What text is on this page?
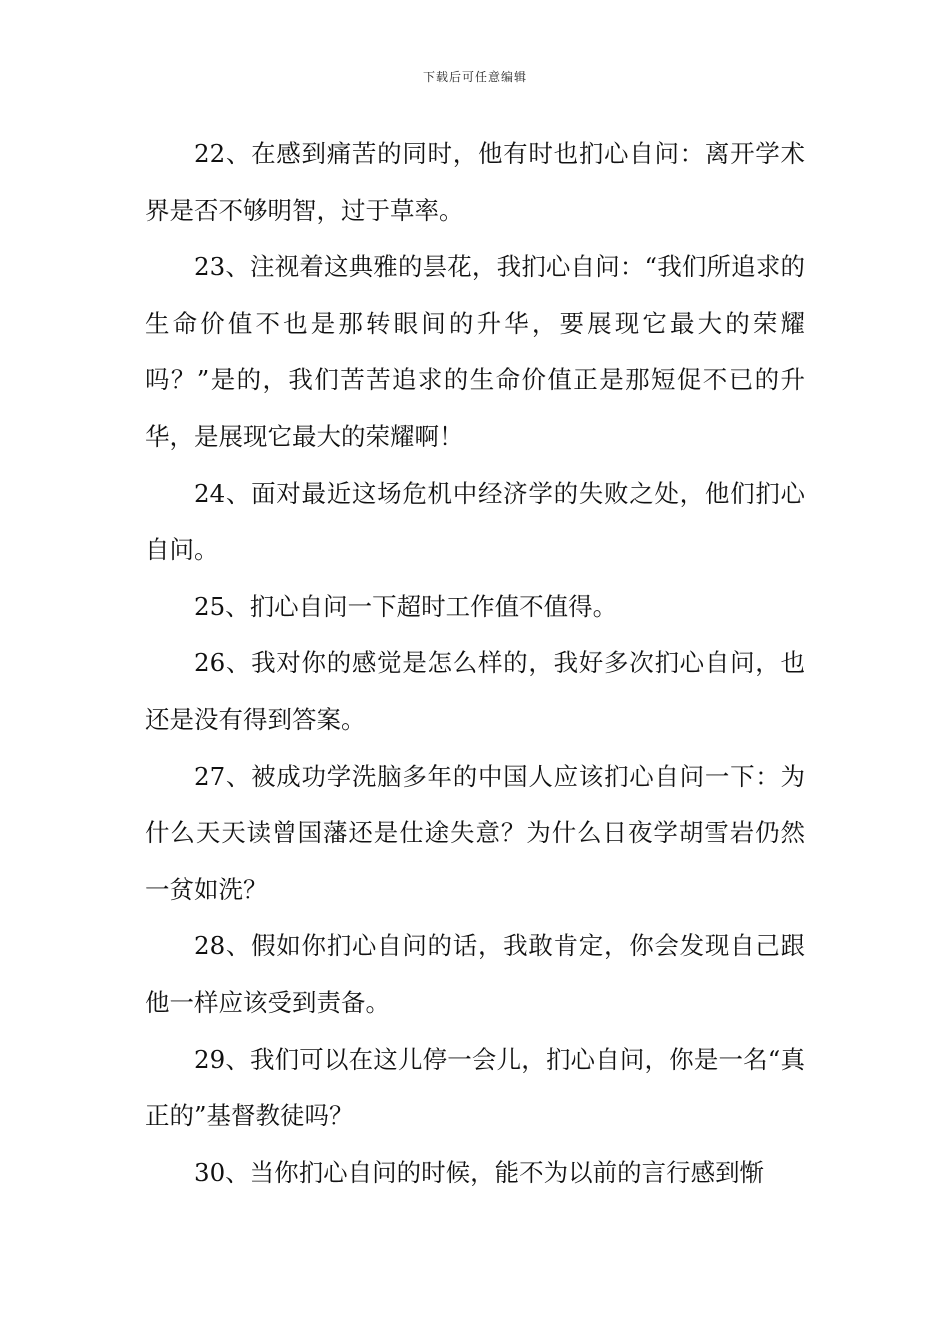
下载后可任意编辑

22、在感到痛苦的同时，他有时也扪心自问：离开学术界是否不够明智，过于草率。

23、注视着这典雅的昙花，我扪心自问：“我们所追求的生命价值不也是那转眼间的升华，要展现它最大的荣耀吗？”是的，我们苦苦追求的生命价值正是那短促不已的升华，是展现它最大的荣耀啊！

24、面对最近这场危机中经济学的失败之处，他们扪心自问。

25、扪心自问一下超时工作值不值得。

26、我对你的感觉是怎么样的，我好多次扪心自问，也还是没有得到答案。

27、被成功学洗脑多年的中国人应该扪心自问一下：为什么天天读曾国藩还是仕途失意？为什么日夜学胡雪岩仍然一贫如洗？

28、假如你扪心自问的话，我敢肯定，你会发现自己跟他一样应该受到责备。

29、我们可以在这儿停一会儿，扪心自问，你是一名“真正的”基督教徒吗？

30、当你扪心自问的时候，能不为以前的言行感到惭
